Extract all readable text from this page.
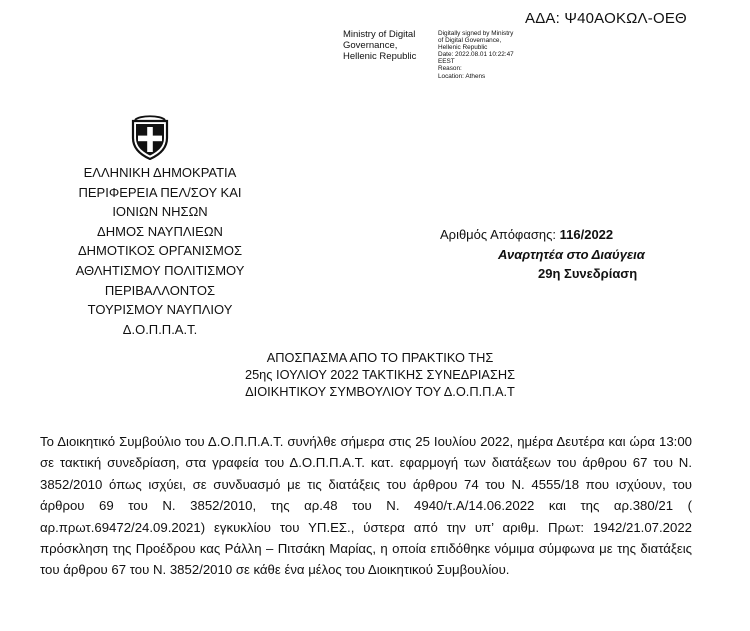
ΑΔΑ: Ψ40ΑΟΚΩΛ-ΟΕΘ
Ministry of Digital
Governance,
Hellenic Republic
Digitally signed by Ministry
of Digital Governance,
Hellenic Republic
Date: 2022.08.01 10:22:47
EEST
Reason:
Location: Athens
ΕΛΛΗΝΙΚΗ ΔΗΜΟΚΡΑΤΙΑ
ΠΕΡΙΦΕΡΕΙΑ ΠΕΛ/ΣΟΥ ΚΑΙ
ΙΟΝΙΩΝ ΝΗΣΩΝ
ΔΗΜΟΣ ΝΑΥΠΛΙΕΩΝ
ΔΗΜΟΤΙΚΟΣ ΟΡΓΑΝΙΣΜΟΣ
ΑΘΛΗΤΙΣΜΟΥ ΠΟΛΙΤΙΣΜΟΥ
ΠΕΡΙΒΑΛΛΟΝΤΟΣ
ΤΟΥΡΙΣΜΟΥ ΝΑΥΠΛΙΟΥ
Δ.Ο.Π.Π.Α.Τ.
Αριθμός Απόφασης: 116/2022
Αναρτητέα στο Διαύγεια
29η Συνεδρίαση
ΑΠΟΣΠΑΣΜΑ ΑΠΟ ΤΟ ΠΡΑΚΤΙΚΟ ΤΗΣ
25ης ΙΟΥΛΙΟΥ 2022 ΤΑΚΤΙΚΗΣ ΣΥΝΕΔΡΙΑΣΗΣ
ΔΙΟΙΚΗΤΙΚΟΥ ΣΥΜΒΟΥΛΙΟΥ ΤΟΥ Δ.Ο.Π.Π.Α.Τ

Το Διοικητικό Συμβούλιο του Δ.Ο.Π.Π.Α.Τ. συνήλθε σήμερα στις 25 Ιουλίου 2022, ημέρα Δευτέρα και ώρα 13:00 σε τακτική συνεδρίαση, στα γραφεία του Δ.Ο.Π.Π.Α.Τ. κατ. εφαρμογή των διατάξεων του άρθρου 67 του Ν. 3852/2010 όπως ισχύει, σε συνδυασμό με τις διατάξεις του άρθρου 74 του Ν. 4555/18 που ισχύουν, του άρθρου 69 του Ν. 3852/2010, της αρ.48 του Ν. 4940/τ.Α/14.06.2022 και της αρ.380/21 ( αρ.πρωτ.69472/24.09.2021) εγκυκλίου του ΥΠ.ΕΣ., ύστερα από την υπ’ αριθμ. Πρωτ: 1942/21.07.2022 πρόσκληση της Προέδρου κας Ράλλη – Πιτσάκη Μαρίας, η οποία επιδόθηκε νόμιμα σύμφωνα με της διατάξεις του άρθρου 67 του Ν. 3852/2010 σε κάθε ένα μέλος του Διοικητικού Συμβουλίου.
